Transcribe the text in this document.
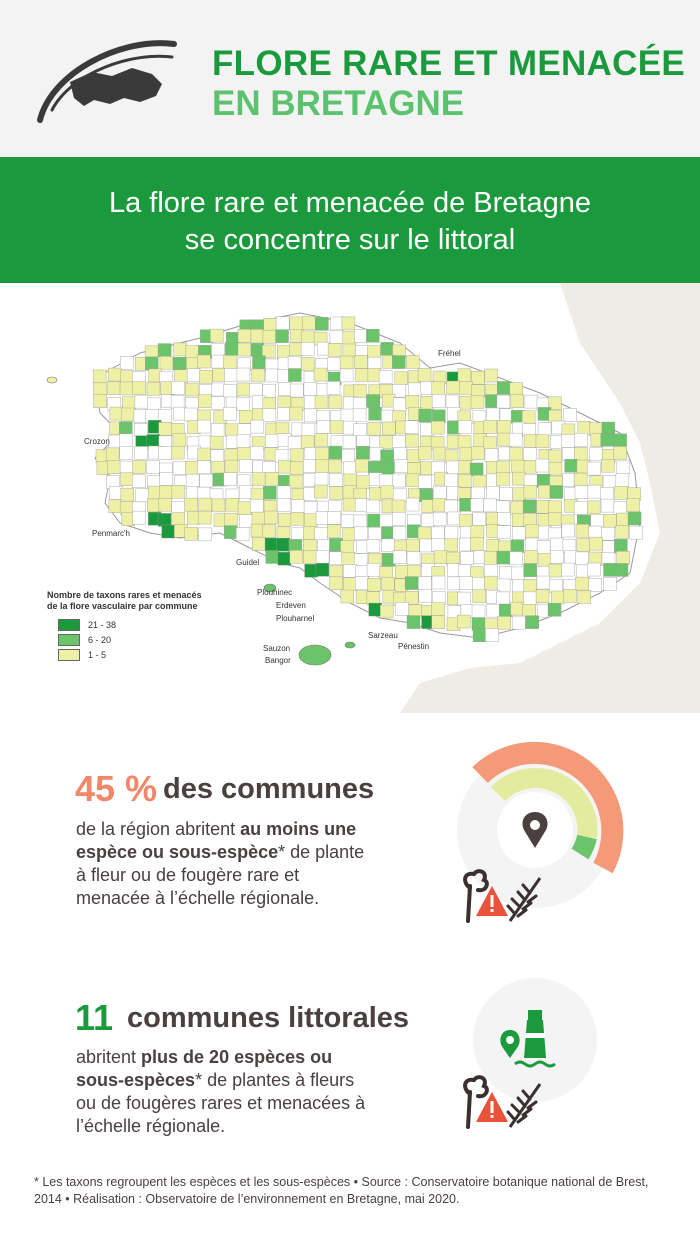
FLORE RARE ET MENACÉE
EN BRETAGNE
La flore rare et menacée de Bretagne
se concentre sur le littoral
Fréhel
Crozon
Penmarc'h
Guidel
Plouhinec
Erdeven
Plouharnel
Sarzeau
Pénestin
Sauzon
Bangor
Nombre de taxons rares et menacés
de la flore vasculaire par commune
21 - 38
6 - 20
1 - 5
45 % des communes
de la région abritent au moins une espèce ou sous-espèce* de plante à fleur ou de fougère rare et menacée à l’échelle régionale.
11 communes littorales
abritent plus de 20 espèces ou sous-espèces* de plantes à fleurs ou de fougères rares et menacées à l’échelle régionale.
* Les taxons regroupent les espèces et les sous-espèces • Source : Conservatoire botanique national de Brest, 2014 • Réalisation : Observatoire de l’environnement en Bretagne, mai 2020.
